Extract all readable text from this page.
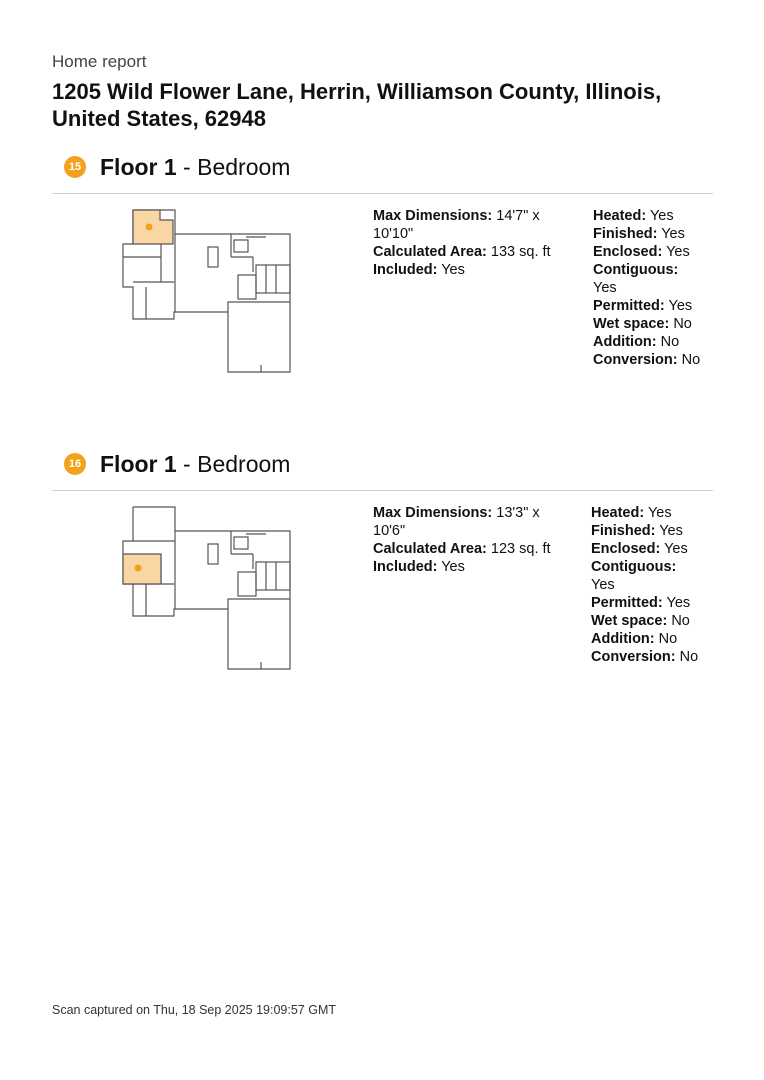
Home report
1205 Wild Flower Lane, Herrin, Williamson County, Illinois, United States, 62948
15 Floor 1 - Bedroom
Max Dimensions: 14'7" x
10'10"
Calculated Area: 133 sq. ft
Included: Yes
Heated: Yes
Finished: Yes
Enclosed: Yes
Contiguous:
Yes
Permitted: Yes
Wet space: No
Addition: No
Conversion: No
16 Floor 1 - Bedroom
Max Dimensions: 13'3" x
10'6"
Calculated Area: 123 sq. ft
Included: Yes
Heated: Yes
Finished: Yes
Enclosed: Yes
Contiguous:
Yes
Permitted: Yes
Wet space: No
Addition: No
Conversion: No
Scan captured on Thu, 18 Sep 2025 19:09:57 GMT
